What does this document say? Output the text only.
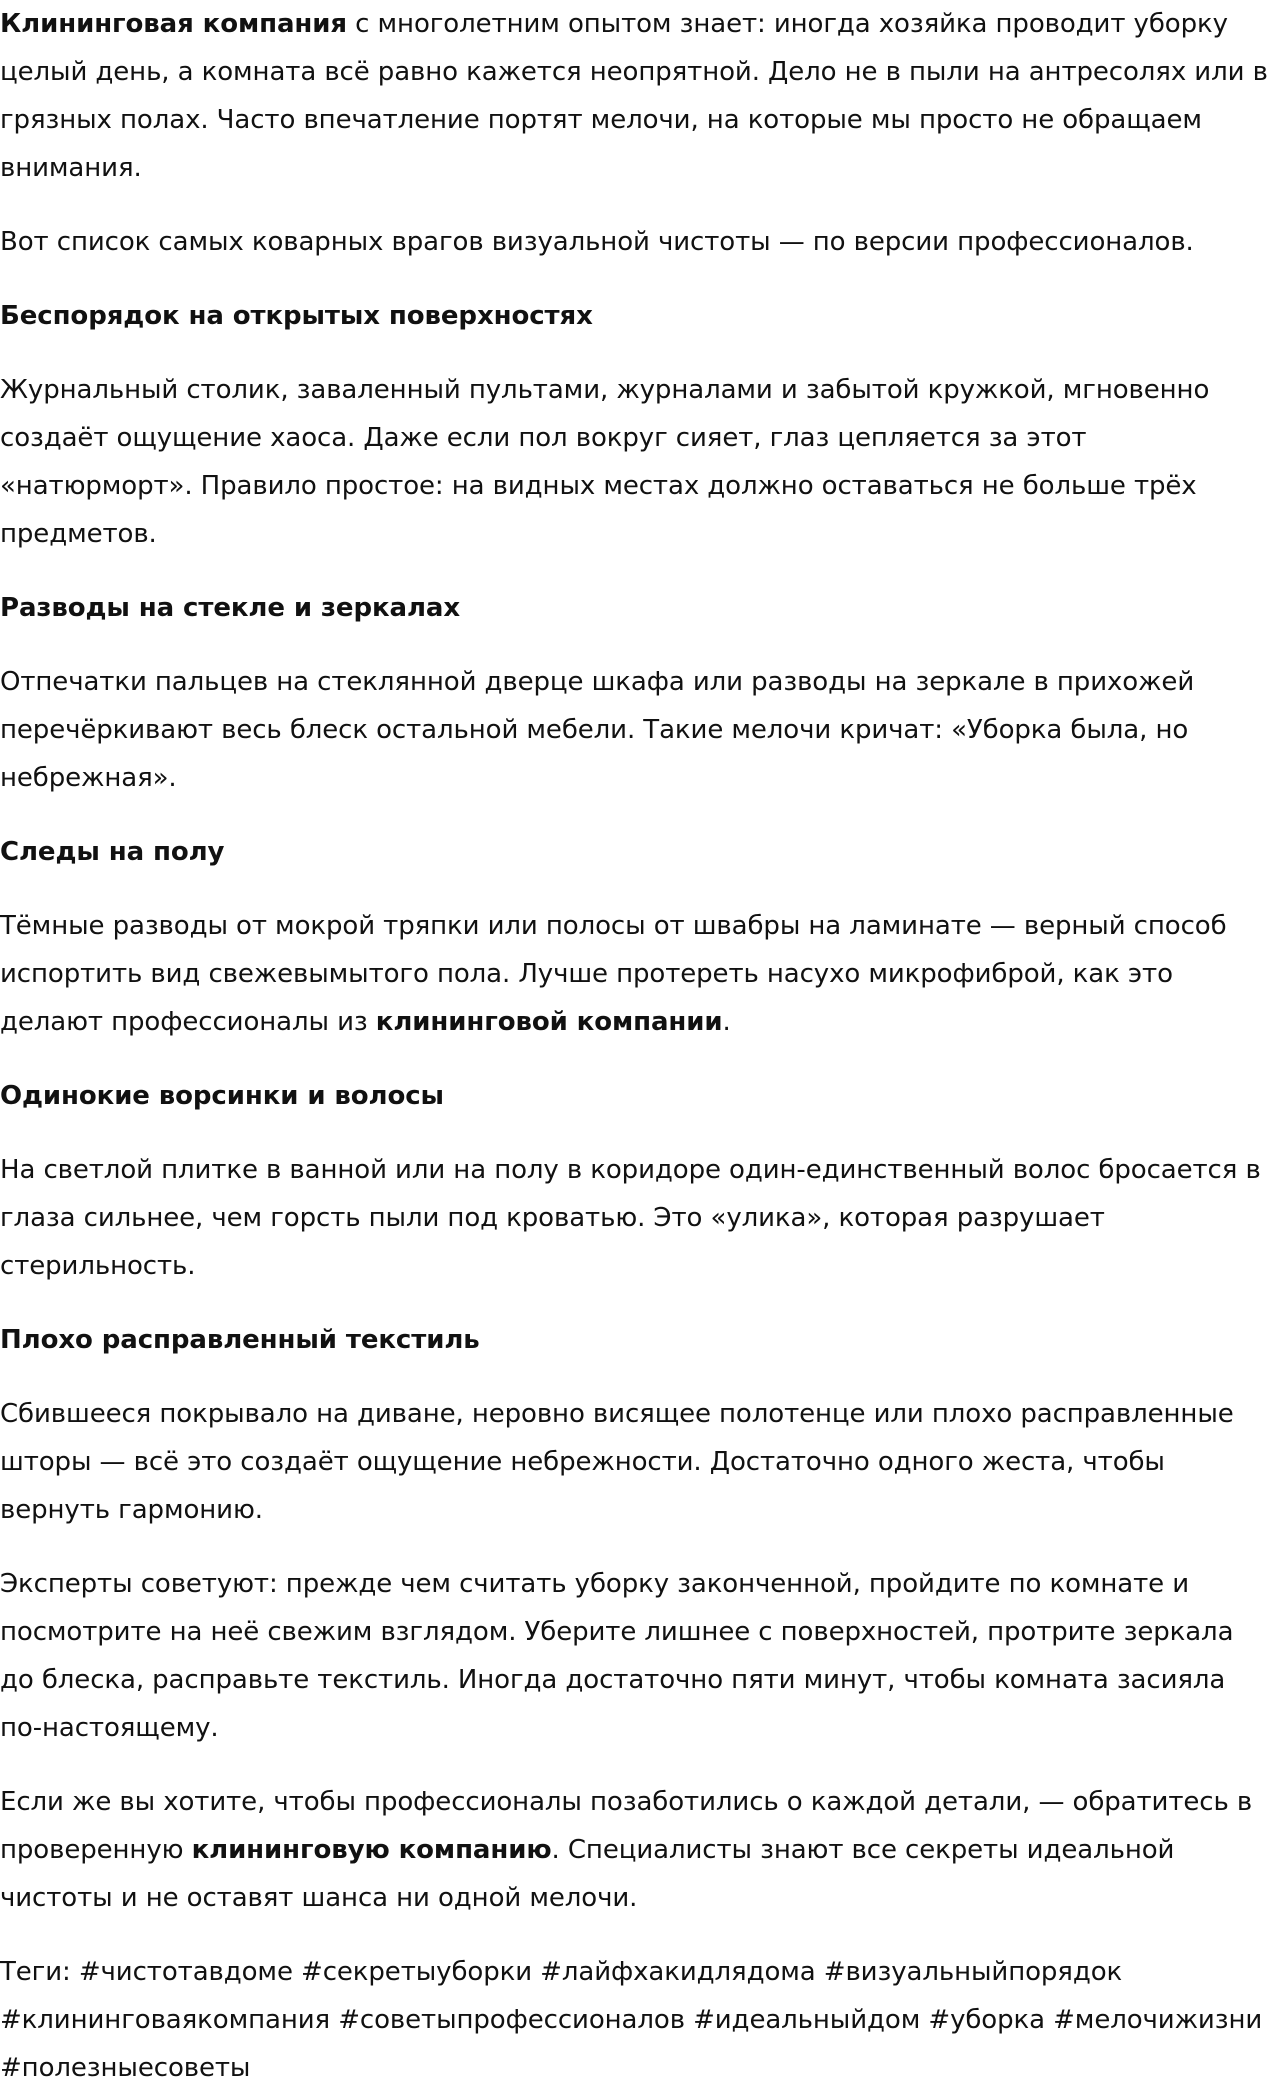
Клининговая компания с многолетним опытом знает: иногда хозяйка проводит уборку целый день, а комната всё равно кажется неопрятной. Дело не в пыли на антресолях или в грязных полах. Часто впечатление портят мелочи, на которые мы просто не обращаем внимания.

Вот список самых коварных врагов визуальной чистоты — по версии профессионалов.

Беспорядок на открытых поверхностях

Журнальный столик, заваленный пультами, журналами и забытой кружкой, мгновенно создаёт ощущение хаоса. Даже если пол вокруг сияет, глаз цепляется за этот «натюрморт». Правило простое: на видных местах должно оставаться не больше трёх предметов.

Разводы на стекле и зеркалах

Отпечатки пальцев на стеклянной дверце шкафа или разводы на зеркале в прихожей перечёркивают весь блеск остальной мебели. Такие мелочи кричат: «Уборка была, но небрежная».

Следы на полу

Тёмные разводы от мокрой тряпки или полосы от швабры на ламинате — верный способ испортить вид свежевымытого пола. Лучше протереть насухо микрофиброй, как это делают профессионалы из клининговой компании.

Одинокие ворсинки и волосы

На светлой плитке в ванной или на полу в коридоре один-единственный волос бросается в глаза сильнее, чем горсть пыли под кроватью. Это «улика», которая разрушает стерильность.

Плохо расправленный текстиль

Сбившееся покрывало на диване, неровно висящее полотенце или плохо расправленные шторы — всё это создаёт ощущение небрежности. Достаточно одного жеста, чтобы вернуть гармонию.

Эксперты советуют: прежде чем считать уборку законченной, пройдите по комнате и посмотрите на неё свежим взглядом. Уберите лишнее с поверхностей, протрите зеркала до блеска, расправьте текстиль. Иногда достаточно пяти минут, чтобы комната засияла по-настоящему.

Если же вы хотите, чтобы профессионалы позаботились о каждой детали, — обратитесь в проверенную клининговую компанию. Специалисты знают все секреты идеальной чистоты и не оставят шанса ни одной мелочи.

Теги: #чистотавдоме #секретыуборки #лайфхакидлядома #визуальныйпорядок #клининговаякомпания #советыпрофессионалов #идеальныйдом #уборка #мелочижизни #полезныесоветы
